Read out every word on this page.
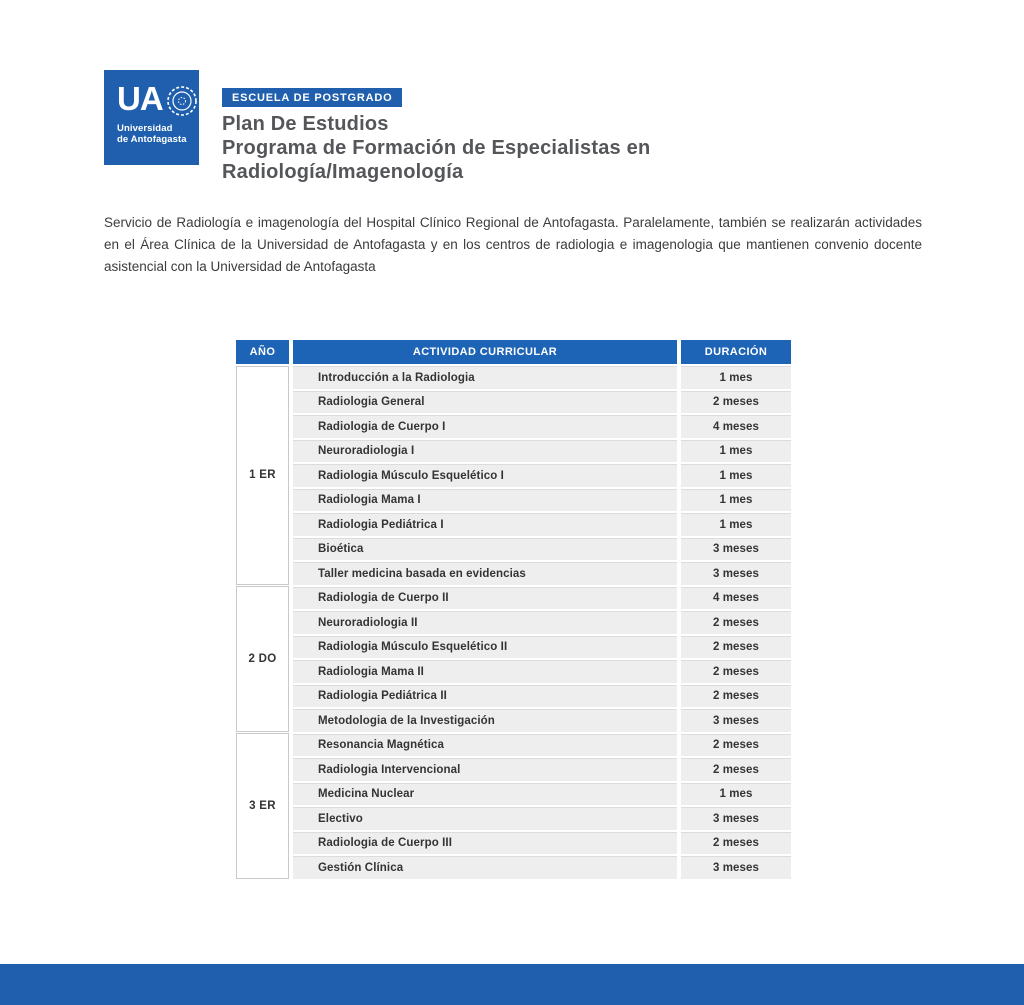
UA
Universidad
de Antofagasta
ESCUELA DE POSTGRADO
Plan De Estudios
Programa de Formación de Especialistas en
Radiología/Imagenología

Servicio de Radiología e imagenología del Hospital Clínico Regional de Antofagasta. Paralelamente, también se realizarán actividades en el Área Clínica de la Universidad de Antofagasta y en los centros de radiologia e imagenologia que mantienen convenio docente asistencial con la Universidad de Antofagasta

AÑO	ACTIVIDAD CURRICULAR	DURACIÓN
1 ER
Introducción a la Radiologia	1 mes
Radiologia General	2 meses
Radiologia de Cuerpo I	4 meses
Neuroradiologia I	1 mes
Radiologia Músculo Esquelético I	1 mes
Radiologia Mama I	1 mes
Radiologia Pediátrica I	1 mes
Bioética	3 meses
Taller medicina basada en evidencias	3 meses
2 DO
Radiologia de Cuerpo II	4 meses
Neuroradiologia II	2 meses
Radiologia Músculo Esquelético II	2 meses
Radiologia Mama II	2 meses
Radiologia Pediátrica II	2 meses
Metodologia de la Investigación	3 meses
3 ER
Resonancia Magnética	2 meses
Radiologia Intervencional	2 meses
Medicina Nuclear	1 mes
Electivo	3 meses
Radiologia de Cuerpo III	2 meses
Gestión Clínica	3 meses
